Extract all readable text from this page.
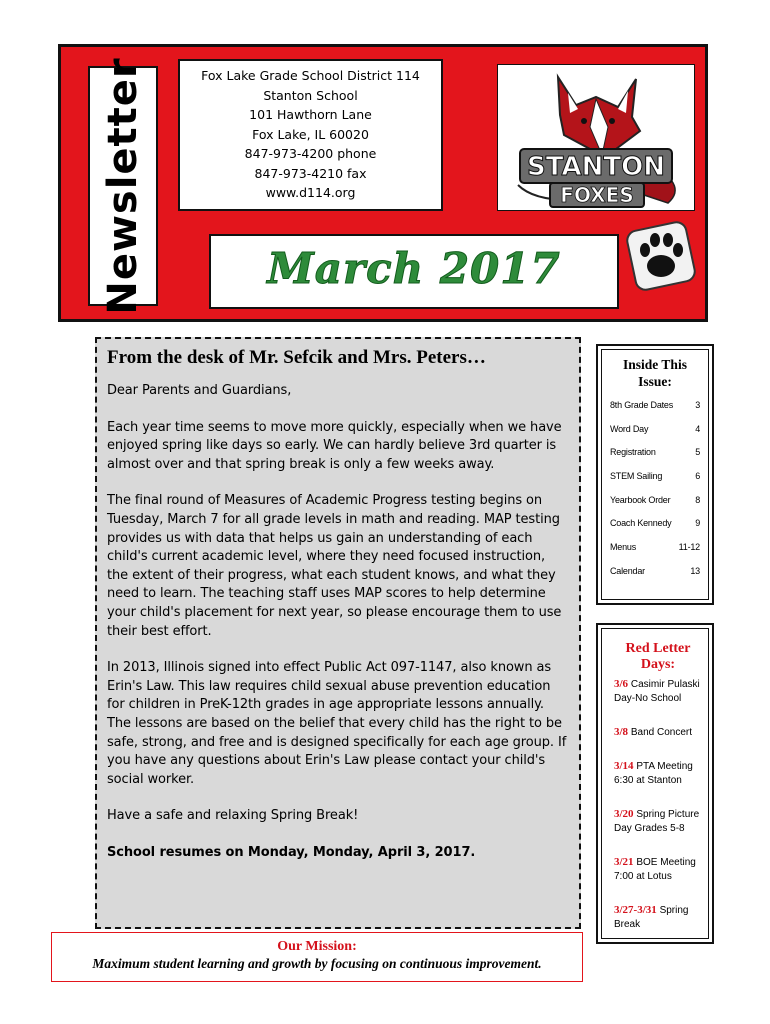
Newsletter	Fox Lake Grade School District 114
Stanton School
101 Hawthorn Lane
Fox Lake, IL 60020
847-973-4200 phone
847-973-4210 fax
www.d114.org
STANTON
FOXES
March 2017
From the desk of Mr. Sefcik and Mrs. Peters…

Dear Parents and Guardians,

Each year time seems to move more quickly, especially when we have enjoyed spring like days so early. We can hardly believe 3rd quarter is almost over and that spring break is only a few weeks away.

The final round of Measures of Academic Progress testing begins on Tuesday, March 7 for all grade levels in math and reading. MAP testing provides us with data that helps us gain an understanding of each child's current academic level, where they need focused instruction, the extent of their progress, what each student knows, and what they need to learn. The teaching staff uses MAP scores to help determine your child's placement for next year, so please encourage them to use their best effort.

In 2013, Illinois signed into effect Public Act 097-1147, also known as Erin's Law. This law requires child sexual abuse prevention education for children in PreK-12th grades in age appropriate lessons annually. The lessons are based on the belief that every child has the right to be safe, strong, and free and is designed specifically for each age group. If you have any questions about Erin's Law please contact your child's social worker.

Have a safe and relaxing Spring Break!

School resumes on Monday, Monday, April 3, 2017.

Our Mission:
Maximum student learning and growth by focusing on continuous improvement.
Inside This Issue:
8th Grade Dates 3
Word Day	4
Registration	5
STEM Sailing	6
Yearbook Order	8
Coach Kennedy	9
Menus	11-12
Calendar	13
Red Letter Days:
3/6 Casimir Pulaski Day-No School
3/8 Band Concert
3/14 PTA Meeting 6:30 at Stanton
3/20 Spring Picture Day Grades 5-8
3/21 BOE Meeting 7:00 at Lotus
3/27-3/31 Spring Break
